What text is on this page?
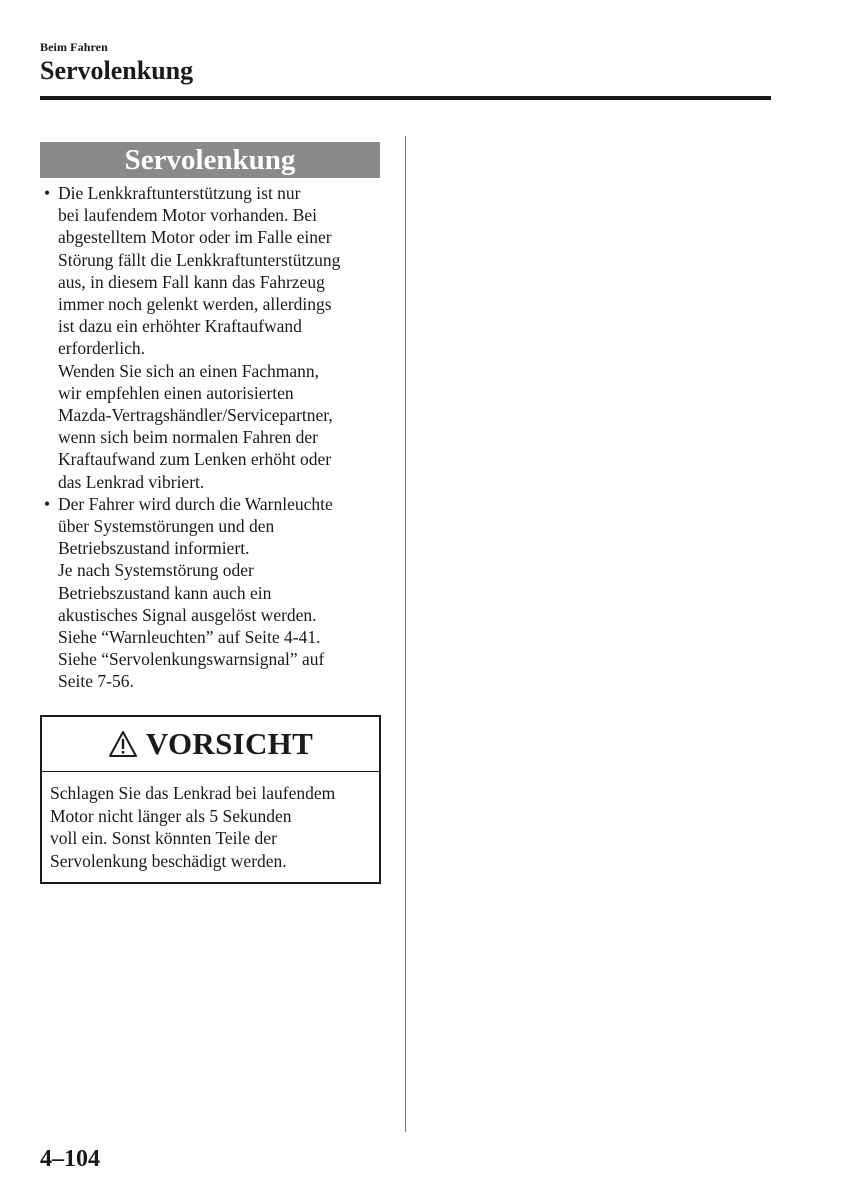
Beim Fahren
Servolenkung
Servolenkung
• Die Lenkkraftunterstützung ist nur
bei laufendem Motor vorhanden. Bei
abgestelltem Motor oder im Falle einer
Störung fällt die Lenkkraftunterstützung
aus, in diesem Fall kann das Fahrzeug
immer noch gelenkt werden, allerdings
ist dazu ein erhöhter Kraftaufwand
erforderlich.
Wenden Sie sich an einen Fachmann,
wir empfehlen einen autorisierten
Mazda-Vertragshändler/Servicepartner,
wenn sich beim normalen Fahren der
Kraftaufwand zum Lenken erhöht oder
das Lenkrad vibriert.
• Der Fahrer wird durch die Warnleuchte
über Systemstörungen und den
Betriebszustand informiert.
Je nach Systemstörung oder
Betriebszustand kann auch ein
akustisches Signal ausgelöst werden.
Siehe “Warnleuchten” auf Seite 4-41.
Siehe “Servolenkungswarnsignal” auf
Seite 7-56.
VORSICHT
Schlagen Sie das Lenkrad bei laufendem
Motor nicht länger als 5 Sekunden
voll ein. Sonst könnten Teile der
Servolenkung beschädigt werden.
4–104
